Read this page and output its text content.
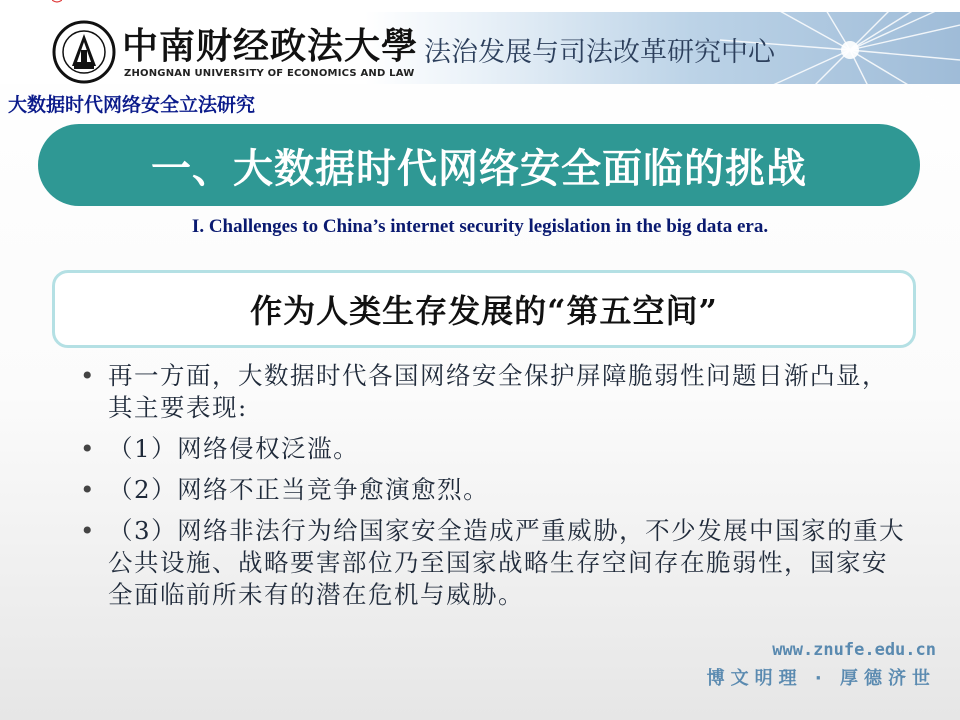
中南财经政法大學
ZHONGNAN UNIVERSITY OF ECONOMICS AND LAW
法治发展与司法改革研究中心
大数据时代网络安全立法研究
一、大数据时代网络安全面临的挑战
I. Challenges to China’s internet security legislation in the big data era.
作为人类生存发展的“第五空间”
• 再一方面，大数据时代各国网络安全保护屏障脆弱性问题日渐凸显，其主要表现:
• （1）网络侵权泛滥。
• （2）网络不正当竞争愈演愈烈。
• （3）网络非法行为给国家安全造成严重威胁，不少发展中国家的重大公共设施、战略要害部位乃至国家战略生存空间存在脆弱性，国家安全面临前所未有的潜在危机与威胁。
www.znufe.edu.cn
博文明理 · 厚德济世
